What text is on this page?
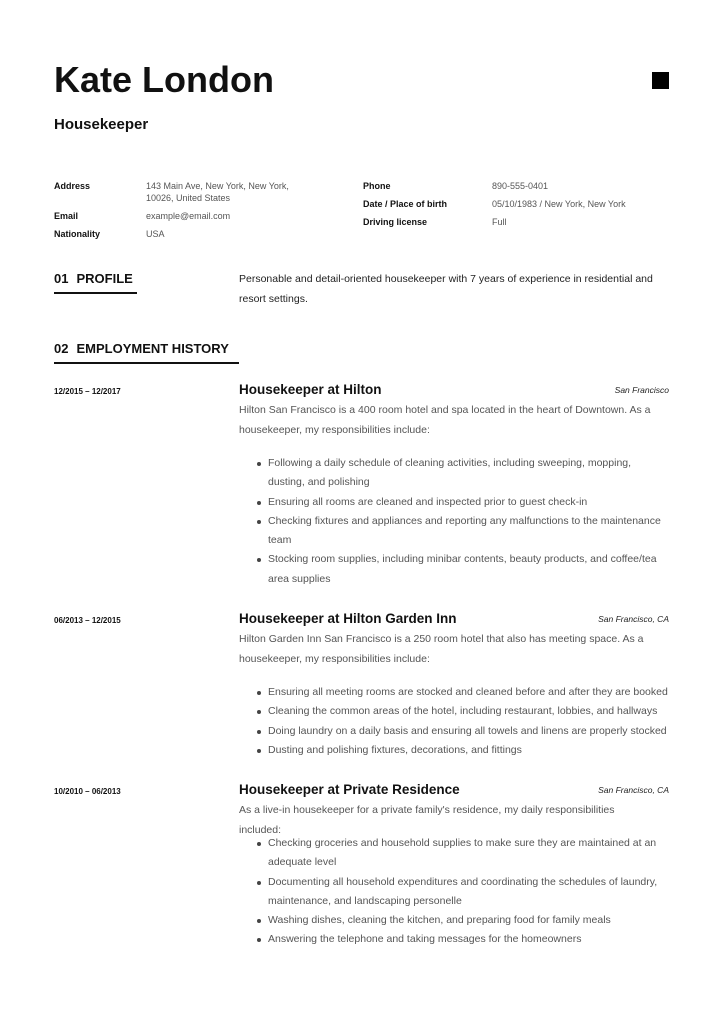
Kate London
Housekeeper
Address	143 Main Ave, New York, New York, 10026, United States
Email	example@email.com
Nationality	USA
Phone	890-555-0401
Date / Place of birth	05/10/1983 / New York, New York
Driving license	Full
01 PROFILE	Personable and detail-oriented housekeeper with 7 years of experience in residential and resort settings.
02 EMPLOYMENT HISTORY
12/2015 – 12/2017	Housekeeper at Hilton	San Francisco
Hilton San Francisco is a 400 room hotel and spa located in the heart of Downtown. As a housekeeper, my responsibilities include:
Following a daily schedule of cleaning activities, including sweeping, mopping, dusting, and polishing
Ensuring all rooms are cleaned and inspected prior to guest check-in
Checking fixtures and appliances and reporting any malfunctions to the maintenance team
Stocking room supplies, including minibar contents, beauty products, and coffee/tea area supplies
06/2013 – 12/2015	Housekeeper at Hilton Garden Inn	San Francisco, CA
Hilton Garden Inn San Francisco is a 250 room hotel that also has meeting space. As a housekeeper, my responsibilities include:
Ensuring all meeting rooms are stocked and cleaned before and after they are booked
Cleaning the common areas of the hotel, including restaurant, lobbies, and hallways
Doing laundry on a daily basis and ensuring all towels and linens are properly stocked
Dusting and polishing fixtures, decorations, and fittings
10/2010 – 06/2013	Housekeeper at Private Residence	San Francisco, CA
As a live-in housekeeper for a private family's residence, my daily responsibilities included:
Checking groceries and household supplies to make sure they are maintained at an adequate level
Documenting all household expenditures and coordinating the schedules of laundry, maintenance, and landscaping personelle
Washing dishes, cleaning the kitchen, and preparing food for family meals
Answering the telephone and taking messages for the homeowners
